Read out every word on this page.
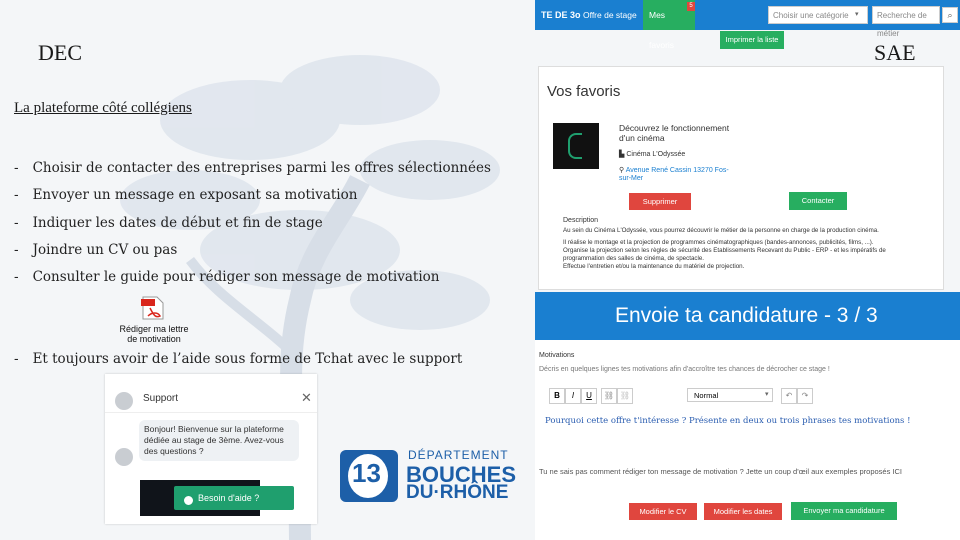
DEC	SAE
La plateforme côté collégiens
- Choisir de contacter des entreprises parmi les offres sélectionnées
- Envoyer un message en exposant sa motivation
- Indiquer les dates de début et fin de stage
- Joindre un CV ou pas
- Consulter le guide pour rédiger son message de motivation
- Et toujours avoir de l’aide sous forme de Tchat avec le support
Rédiger ma lettre
de motivation
Support	✕
Bonjour! Bienvenue sur la plateforme dédiée au stage de 3ème. Avez-vous des questions ?
Besoin d'aide ?
13
DÉPARTEMENT
BOUCHES
DU·RHÔNE
TE DE 3o Offre de stage	Mes favoris
5
Choisir une catégorie ▾	Recherche de métier
⌕
Imprimer la liste
Vos favoris
Découvrez le fonctionnement
d'un cinéma
▙ Cinéma L'Odyssée
⚲ Avenue René Cassin 13270 Fos-
sur-Mer
Supprimer	Contacter
Description
Au sein du Cinéma L'Odyssée, vous pourrez découvrir le métier de la personne en charge de la production cinéma.
Il réalise le montage et la projection de programmes cinématographiques (bandes-annonces, publicités, films, ...).
Organise la projection selon les règles de sécurité des Etablissements Recevant du Public - ERP - et les impératifs de
programmation des salles de cinéma, de spectacle.
Effectue l'entretien et/ou la maintenance du matériel de projection.
Envoie ta candidature - 3 / 3
Motivations
Décris en quelques lignes tes motivations afin d'accroître tes chances de décrocher ce stage !
B	I	U	⛓ ⛓	Normal	▾	↶	↷
Pourquoi cette offre t'intéresse ? Présente en deux ou trois phrases tes motivations !
Tu ne sais pas comment rédiger ton message de motivation ? Jette un coup d'œil aux exemples proposés ICI
Modifier le CV	Modifier les dates	Envoyer ma candidature
